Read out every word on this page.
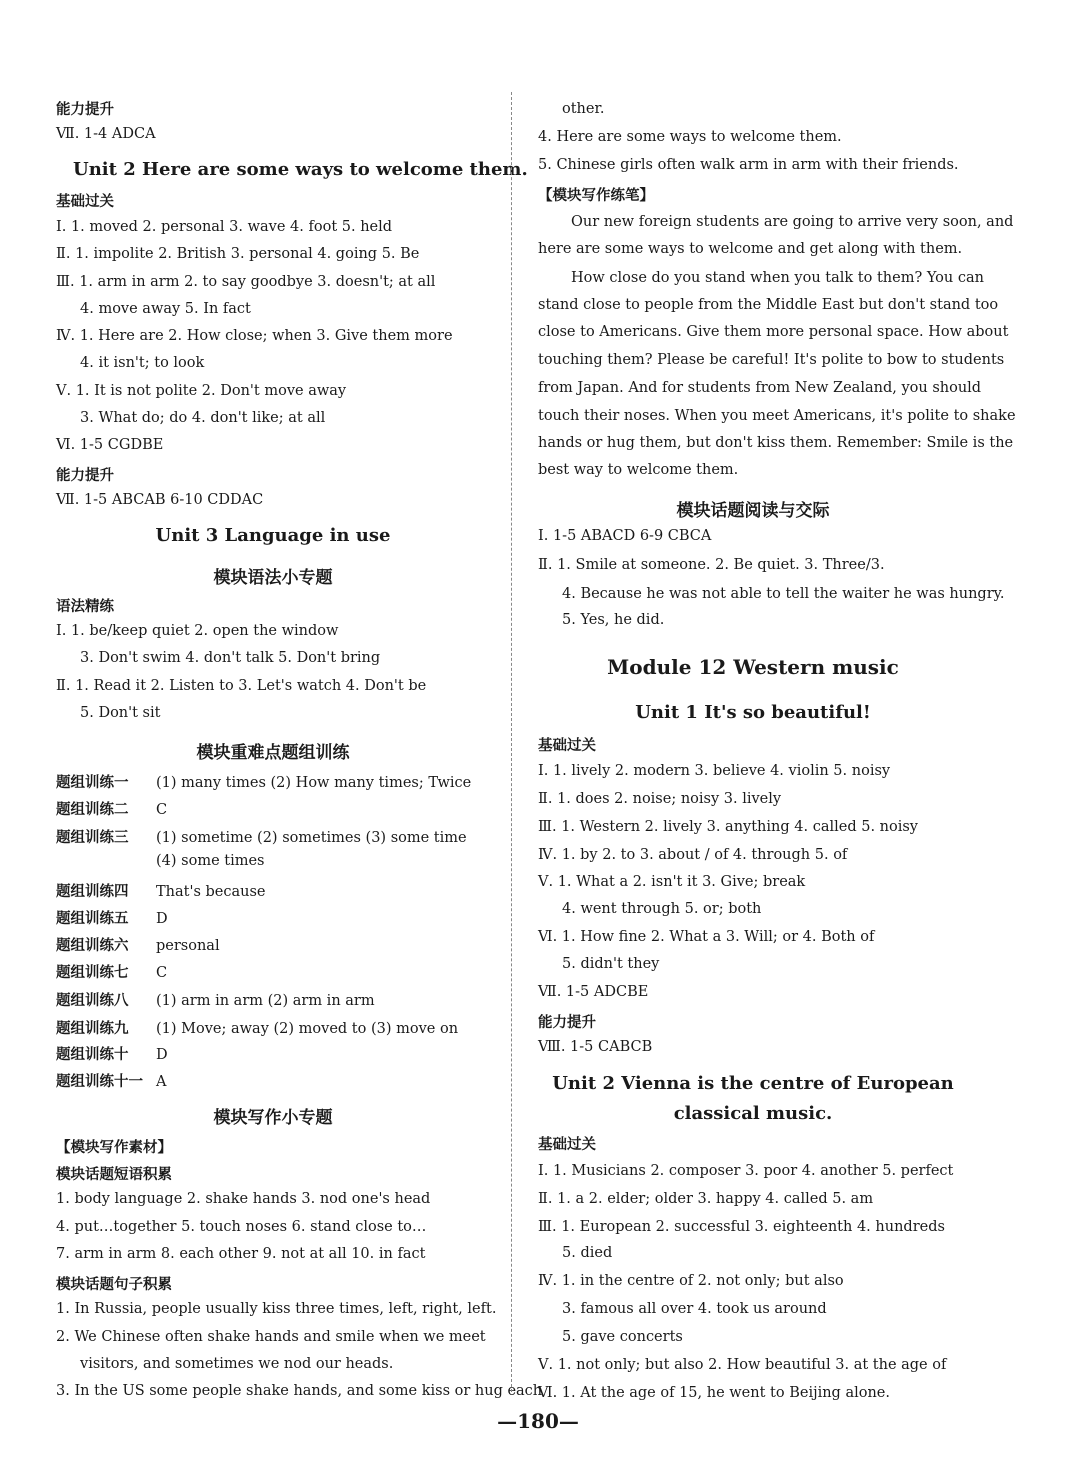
能力提升
Ⅶ. 1-4 ADCA
Unit 2 Here are some ways to welcome them.
基础过关
Ⅰ. 1. moved 2. personal 3. wave 4. foot 5. held
Ⅱ. 1. impolite 2. British 3. personal 4. going 5. Be
Ⅲ. 1. arm in arm 2. to say goodbye 3. doesn't; at all
4. move away 5. In fact
Ⅳ. 1. Here are 2. How close; when 3. Give them more
4. it isn't; to look
Ⅴ. 1. It is not polite 2. Don't move away
3. What do; do 4. don't like; at all
Ⅵ. 1-5 CGDBE
能力提升
Ⅶ. 1-5 ABCAB 6-10 CDDAC
Unit 3 Language in use
模块语法小专题
语法精练
Ⅰ. 1. be/keep quiet 2. open the window
3. Don't swim 4. don't talk 5. Don't bring
Ⅱ. 1. Read it 2. Listen to 3. Let's watch 4. Don't be
5. Don't sit
模块重难点题组训练
题组训练一 (1) many times (2) How many times; Twice
题组训练二 C
题组训练三 (1) sometime (2) sometimes (3) some time
(4) some times
题组训练四 That's because
题组训练五 D
题组训练六 personal
题组训练七 C
题组训练八 (1) arm in arm (2) arm in arm
题组训练九 (1) Move; away (2) moved to (3) move on
题组训练十 D
题组训练十一 A
模块写作小专题
【模块写作素材】
模块话题短语积累
1. body language 2. shake hands 3. nod one's head
4. put…together 5. touch noses 6. stand close to…
7. arm in arm 8. each other 9. not at all 10. in fact
模块话题句子积累
1. In Russia, people usually kiss three times, left, right, left.
2. We Chinese often shake hands and smile when we meet
visitors, and sometimes we nod our heads.
3. In the US some people shake hands, and some kiss or hug each
other.
4. Here are some ways to welcome them.
5. Chinese girls often walk arm in arm with their friends.
【模块写作练笔】
Our new foreign students are going to arrive very soon, and
here are some ways to welcome and get along with them.
How close do you stand when you talk to them? You can
stand close to people from the Middle East but don't stand too
close to Americans. Give them more personal space. How about
touching them? Please be careful! It's polite to bow to students
from Japan. And for students from New Zealand, you should
touch their noses. When you meet Americans, it's polite to shake
hands or hug them, but don't kiss them. Remember: Smile is the
best way to welcome them.
模块话题阅读与交际
Ⅰ. 1-5 ABACD 6-9 CBCA
Ⅱ. 1. Smile at someone. 2. Be quiet. 3. Three/3.
4. Because he was not able to tell the waiter he was hungry.
5. Yes, he did.
Module 12 Western music
Unit 1 It's so beautiful!
基础过关
Ⅰ. 1. lively 2. modern 3. believe 4. violin 5. noisy
Ⅱ. 1. does 2. noise; noisy 3. lively
Ⅲ. 1. Western 2. lively 3. anything 4. called 5. noisy
Ⅳ. 1. by 2. to 3. about / of 4. through 5. of
Ⅴ. 1. What a 2. isn't it 3. Give; break
4. went through 5. or; both
Ⅵ. 1. How fine 2. What a 3. Will; or 4. Both of
5. didn't they
Ⅶ. 1-5 ADCBE
能力提升
Ⅷ. 1-5 CABCB
Unit 2 Vienna is the centre of European
classical music.
基础过关
Ⅰ. 1. Musicians 2. composer 3. poor 4. another 5. perfect
Ⅱ. 1. a 2. elder; older 3. happy 4. called 5. am
Ⅲ. 1. European 2. successful 3. eighteenth 4. hundreds
5. died
Ⅳ. 1. in the centre of 2. not only; but also
3. famous all over 4. took us around
5. gave concerts
Ⅴ. 1. not only; but also 2. How beautiful 3. at the age of
Ⅵ. 1. At the age of 15, he went to Beijing alone.
—180—
